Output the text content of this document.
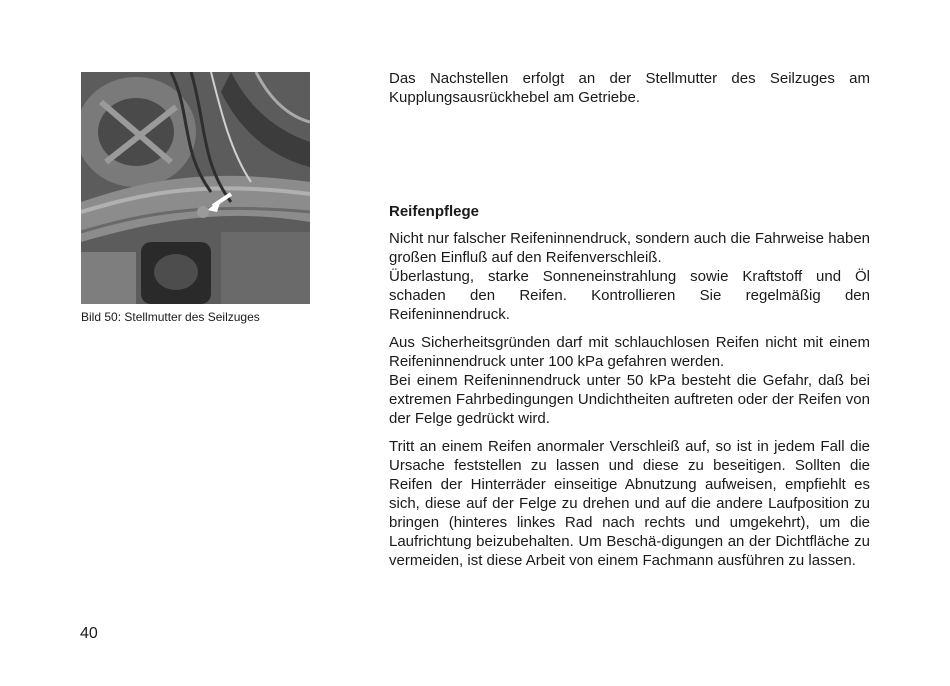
Bild 50: Stellmutter des Seilzuges

Das Nachstellen erfolgt an der Stellmutter des Seilzuges am Kupplungsausrückhebel am Getriebe.

Reifenpflege

Nicht nur falscher Reifeninnendruck, sondern auch die Fahrweise haben großen Einfluß auf den Reifenverschleiß.

Überlastung, starke Sonneneinstrahlung sowie Kraftstoff und Öl schaden den Reifen. Kontrollieren Sie regelmäßig den Reifeninnendruck.

Aus Sicherheitsgründen darf mit schlauchlosen Reifen nicht mit einem Reifeninnendruck unter 100 kPa gefahren werden.

Bei einem Reifeninnendruck unter 50 kPa besteht die Gefahr, daß bei extremen Fahrbedingungen Undichtheiten auftreten oder der Reifen von der Felge gedrückt wird.

Tritt an einem Reifen anormaler Verschleiß auf, so ist in jedem Fall die Ursache feststellen zu lassen und diese zu beseitigen. Sollten die Reifen der Hinterräder einseitige Abnutzung aufweisen, empfiehlt es sich, diese auf der Felge zu drehen und auf die andere Laufposition zu bringen (hinteres linkes Rad nach rechts und umgekehrt), um die Laufrichtung beizubehalten. Um Beschä-digungen an der Dichtfläche zu vermeiden, ist diese Arbeit von einem Fachmann ausführen zu lassen.

40
